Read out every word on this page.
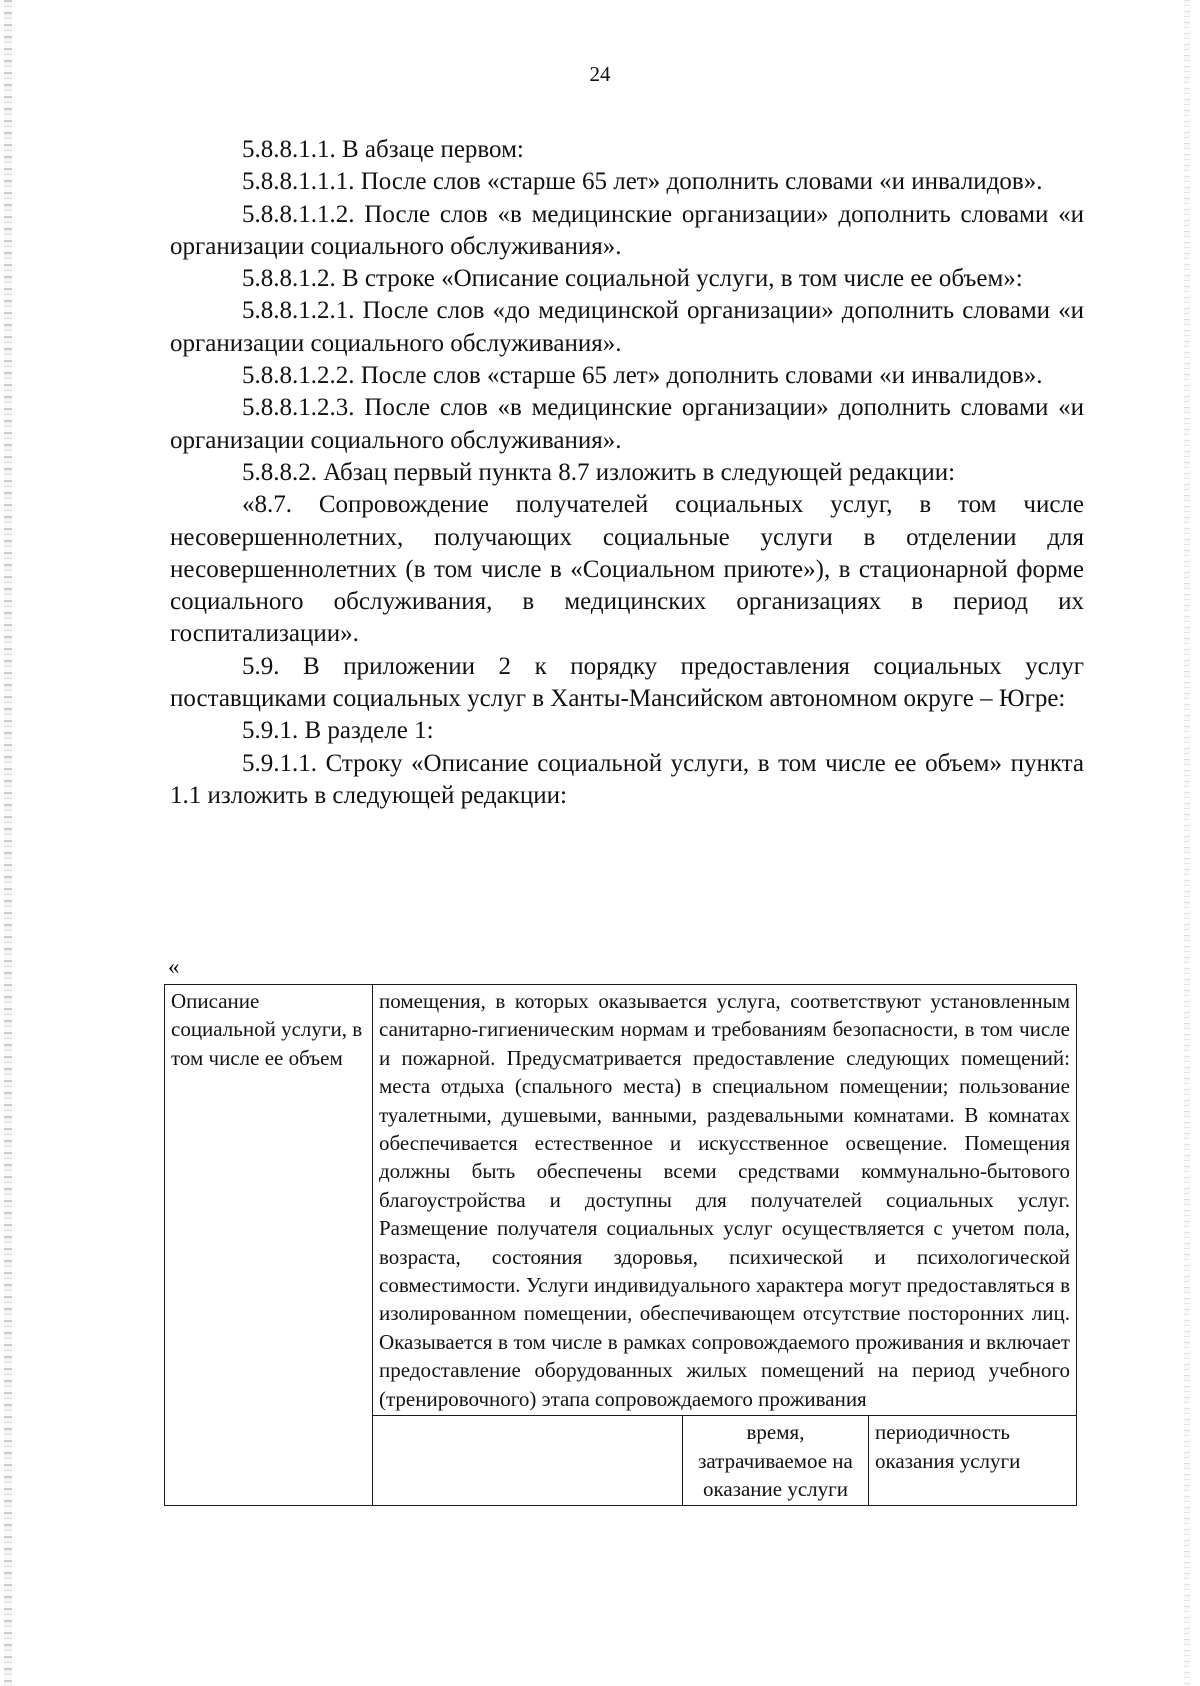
24

5.8.8.1.1. В абзаце первом:

5.8.8.1.1.1. После слов «старше 65 лет» дополнить словами «и инвалидов».

5.8.8.1.1.2. После слов «в медицинские организации» дополнить словами «и организации социального обслуживания».

5.8.8.1.2. В строке «Описание социальной услуги, в том числе ее объем»:

5.8.8.1.2.1. После слов «до медицинской организации» дополнить словами «и организации социального обслуживания».

5.8.8.1.2.2. После слов «старше 65 лет» дополнить словами «и инвалидов».

5.8.8.1.2.3. После слов «в медицинские организации» дополнить словами «и организации социального обслуживания».

5.8.8.2. Абзац первый пункта 8.7 изложить в следующей редакции:

«8.7. Сопровождение получателей социальных услуг, в том числе несовершеннолетних, получающих социальные услуги в отделении для несовершеннолетних (в том числе в «Социальном приюте»), в стационарной форме социального обслуживания, в медицинских организациях в период их госпитализации».

5.9. В приложении 2 к порядку предоставления социальных услуг поставщиками социальных услуг в Ханты-Мансийском автономном округе – Югре:

5.9.1. В разделе 1:

5.9.1.1. Строку «Описание социальной услуги, в том числе ее объем» пункта 1.1 изложить в следующей редакции:

«
Описание социальной услуги, в том числе ее объем	помещения, в которых оказывается услуга, соответствуют установленным санитарно-гигиеническим нормам и требованиям безопасности, в том числе и пожарной. Предусматривается предоставление следующих помещений: места отдыха (спального места) в специальном помещении; пользование туалетными, душевыми, ванными, раздевальными комнатами. В комнатах обеспечивается естественное и искусственное освещение. Помещения должны быть обеспечены всеми средствами коммунально-бытового благоустройства и доступны для получателей социальных услуг. Размещение получателя социальных услуг осуществляется с учетом пола, возраста, состояния здоровья, психической и психологической совместимости. Услуги индивидуального характера могут предоставляться в изолированном помещении, обеспечивающем отсутствие посторонних лиц. Оказывается в том числе в рамках сопровождаемого проживания и включает предоставление оборудованных жилых помещений на период учебного (тренировочного) этапа сопровождаемого проживания		
		время, затрачиваемое на оказание услуги	периодичность оказания услуги
